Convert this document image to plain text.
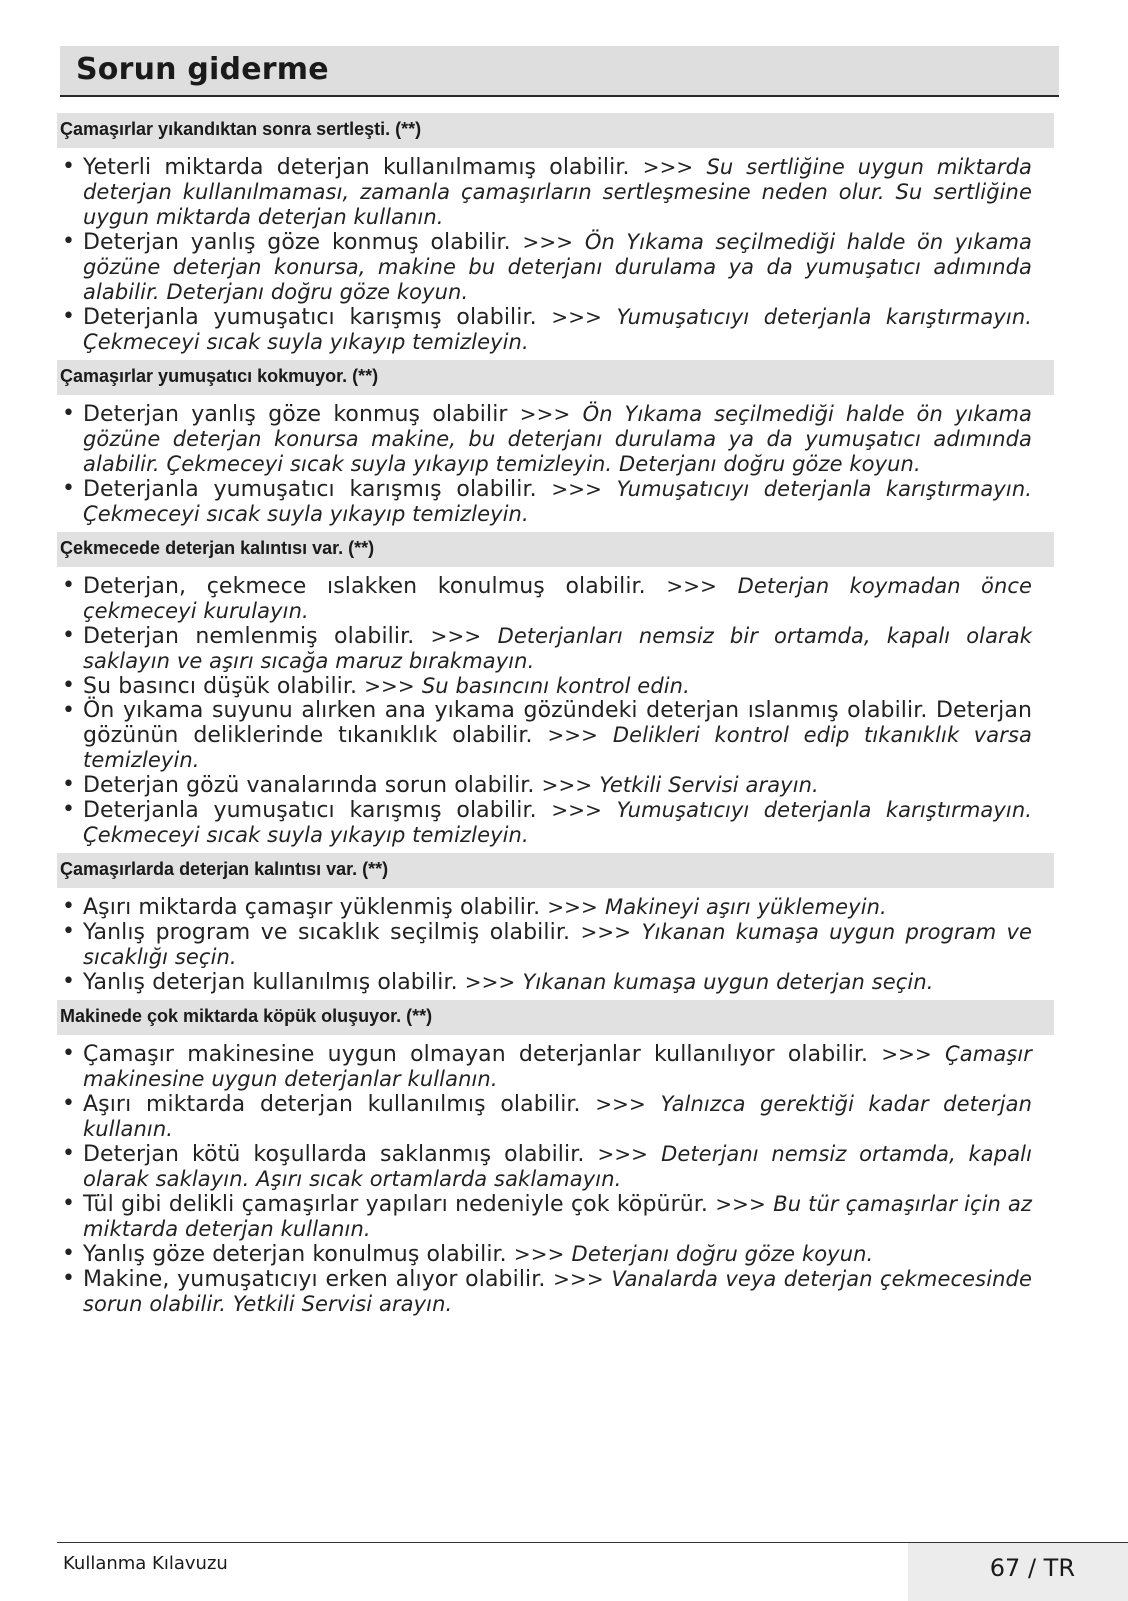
Sorun giderme
Çamaşırlar yıkandıktan sonra sertleşti. (**)
• Yeterli miktarda deterjan kullanılmamış olabilir. >>> Su sertliğine uygun miktarda deterjan kullanılmaması, zamanla çamaşırların sertleşmesine neden olur. Su sertliğine uygun miktarda deterjan kullanın.
• Deterjan yanlış göze konmuş olabilir. >>> Ön Yıkama seçilmediği halde ön yıkama gözüne deterjan konursa, makine bu deterjanı durulama ya da yumuşatıcı adımında alabilir. Deterjanı doğru göze koyun.
• Deterjanla yumuşatıcı karışmış olabilir. >>> Yumuşatıcıyı deterjanla karıştırmayın. Çekmeceyi sıcak suyla yıkayıp temizleyin.
Çamaşırlar yumuşatıcı kokmuyor. (**)
• Deterjan yanlış göze konmuş olabilir >>> Ön Yıkama seçilmediği halde ön yıkama gözüne deterjan konursa makine, bu deterjanı durulama ya da yumuşatıcı adımında alabilir. Çekmeceyi sıcak suyla yıkayıp temizleyin. Deterjanı doğru göze koyun.
• Deterjanla yumuşatıcı karışmış olabilir. >>> Yumuşatıcıyı deterjanla karıştırmayın. Çekmeceyi sıcak suyla yıkayıp temizleyin.
Çekmecede deterjan kalıntısı var. (**)
• Deterjan, çekmece ıslakken konulmuş olabilir. >>> Deterjan koymadan önce çekmeceyi kurulayın.
• Deterjan nemlenmiş olabilir. >>> Deterjanları nemsiz bir ortamda, kapalı olarak saklayın ve aşırı sıcağa maruz bırakmayın.
• Su basıncı düşük olabilir. >>> Su basıncını kontrol edin.
• Ön yıkama suyunu alırken ana yıkama gözündeki deterjan ıslanmış olabilir. Deterjan gözünün deliklerinde tıkanıklık olabilir. >>> Delikleri kontrol edip tıkanıklık varsa temizleyin.
• Deterjan gözü vanalarında sorun olabilir. >>> Yetkili Servisi arayın.
• Deterjanla yumuşatıcı karışmış olabilir. >>> Yumuşatıcıyı deterjanla karıştırmayın. Çekmeceyi sıcak suyla yıkayıp temizleyin.
Çamaşırlarda deterjan kalıntısı var. (**)
• Aşırı miktarda çamaşır yüklenmiş olabilir. >>> Makineyi aşırı yüklemeyin.
• Yanlış program ve sıcaklık seçilmiş olabilir. >>> Yıkanan kumaşa uygun program ve sıcaklığı seçin.
• Yanlış deterjan kullanılmış olabilir. >>> Yıkanan kumaşa uygun deterjan seçin.
Makinede çok miktarda köpük oluşuyor. (**)
• Çamaşır makinesine uygun olmayan deterjanlar kullanılıyor olabilir. >>> Çamaşır makinesine uygun deterjanlar kullanın.
• Aşırı miktarda deterjan kullanılmış olabilir. >>> Yalnızca gerektiği kadar deterjan kullanın.
• Deterjan kötü koşullarda saklanmış olabilir. >>> Deterjanı nemsiz ortamda, kapalı olarak saklayın. Aşırı sıcak ortamlarda saklamayın.
• Tül gibi delikli çamaşırlar yapıları nedeniyle çok köpürür. >>> Bu tür çamaşırlar için az miktarda deterjan kullanın.
• Yanlış göze deterjan konulmuş olabilir. >>> Deterjanı doğru göze koyun.
• Makine, yumuşatıcıyı erken alıyor olabilir. >>> Vanalarda veya deterjan çekmecesinde sorun olabilir. Yetkili Servisi arayın.
Kullanma Kılavuzu	67 / TR
